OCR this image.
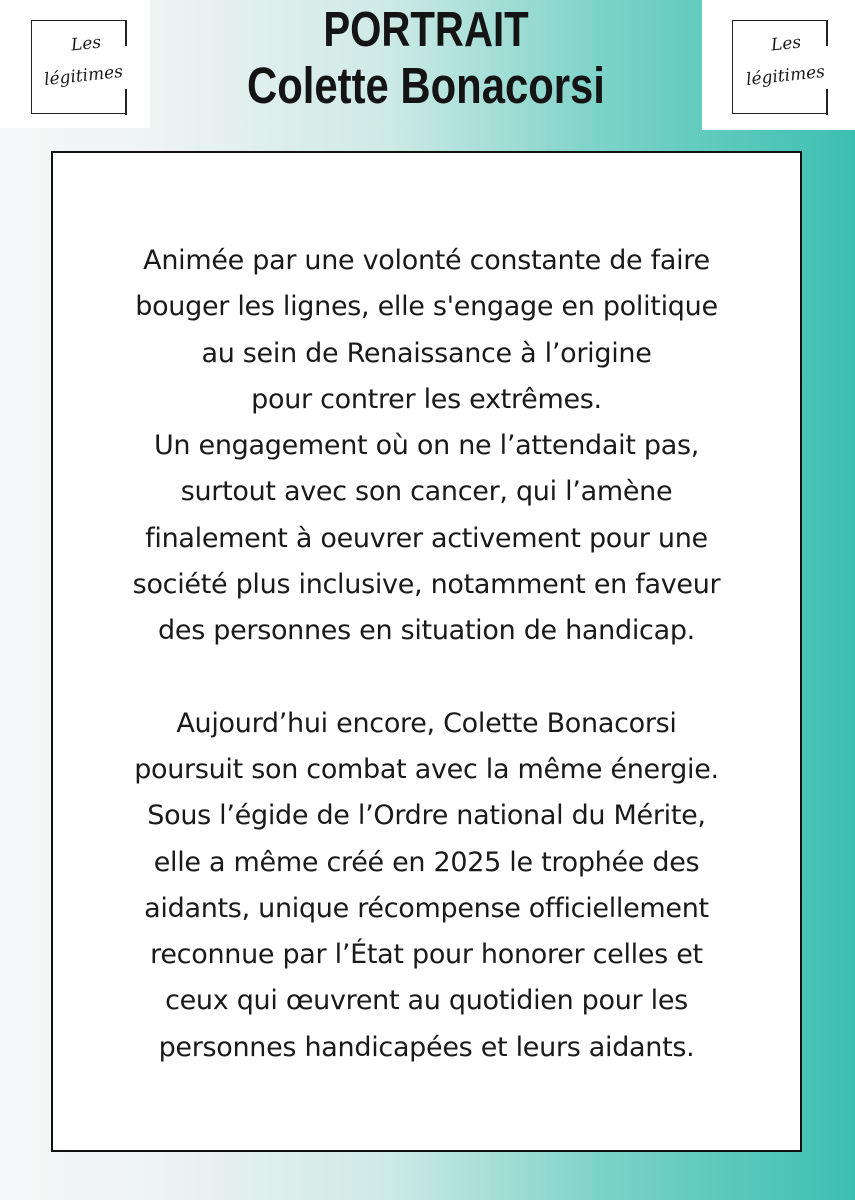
Les
légitimes
PORTRAIT
Colette Bonacorsi
Les
légitimes

Animée par une volonté constante de faire
bouger les lignes, elle s'engage en politique
au sein de Renaissance à l’origine
pour contrer les extrêmes.
Un engagement où on ne l’attendait pas,
surtout avec son cancer, qui l’amène
finalement à oeuvrer activement pour une
société plus inclusive, notamment en faveur
des personnes en situation de handicap.

Aujourd’hui encore, Colette Bonacorsi
poursuit son combat avec la même énergie.
Sous l’égide de l’Ordre national du Mérite,
elle a même créé en 2025 le trophée des
aidants, unique récompense officiellement
reconnue par l’État pour honorer celles et
ceux qui œuvrent au quotidien pour les
personnes handicapées et leurs aidants.
